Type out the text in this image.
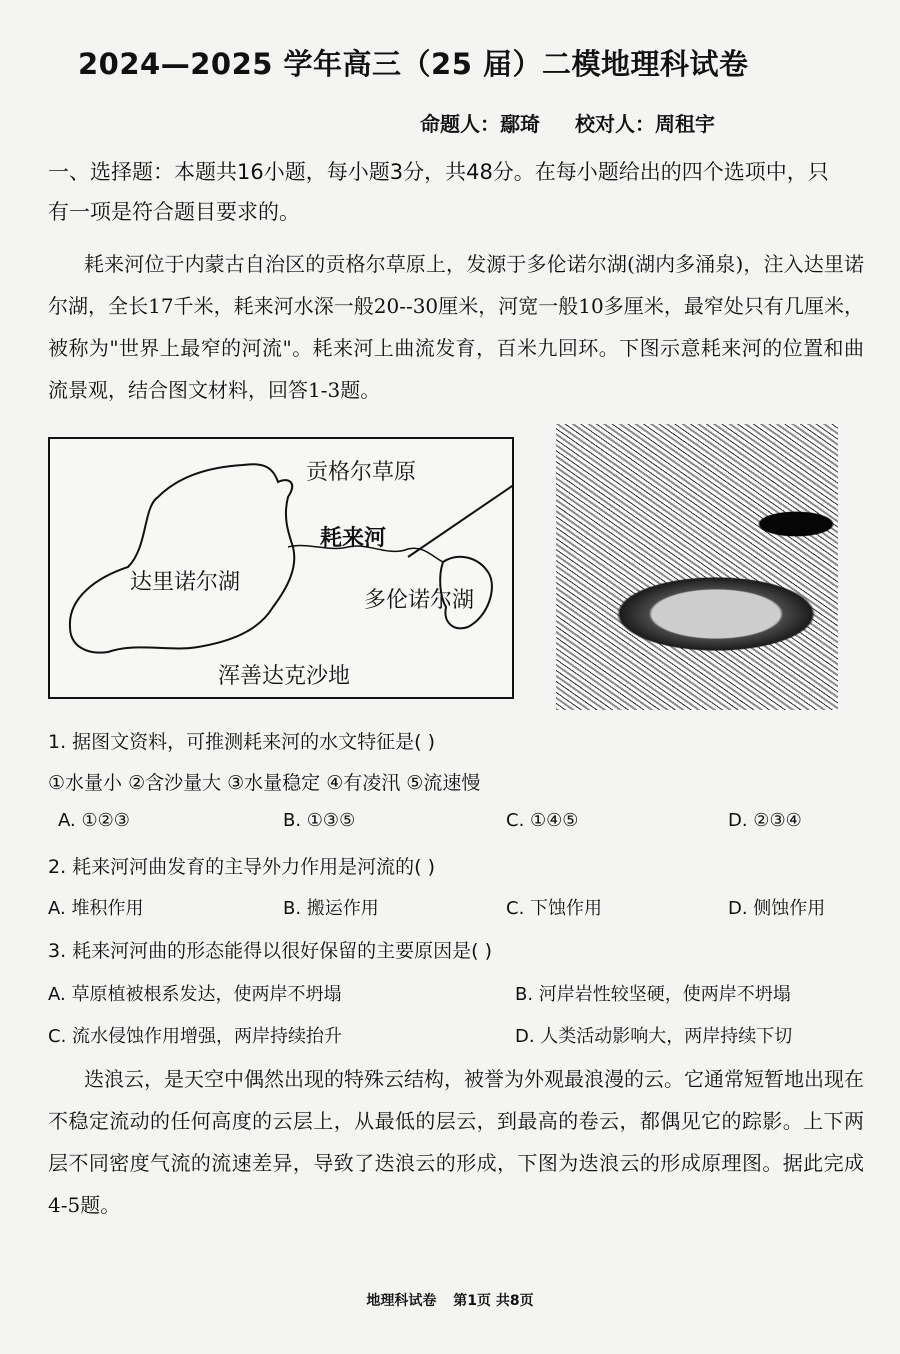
2024—2025 学年高三（25 届）二模地理科试卷
命题人：鄢琦 校对人：周租宇
一、选择题：本题共16小题，每小题3分，共48分。在每小题给出的四个选项中，只
有一项是符合题目要求的。
耗来河位于内蒙古自治区的贡格尔草原上，发源于多伦诺尔湖(湖内多涌泉)，注入达里诺尔湖，全长17千米，耗来河水深一般20--30厘米，河宽一般10多厘米，最窄处只有几厘米，被称为"世界上最窄的河流"。耗来河上曲流发育，百米九回环。下图示意耗来河的位置和曲流景观，结合图文材料，回答1-3题。
贡格尔草原
耗来河
达里诺尔湖
多伦诺尔湖
浑善达克沙地
1. 据图文资料，可推测耗来河的水文特征是( )
①水量小 ②含沙量大 ③水量稳定 ④有凌汛 ⑤流速慢
A. ①②③	B. ①③⑤	C. ①④⑤	D. ②③④
2. 耗来河河曲发育的主导外力作用是河流的( )
A. 堆积作用	B. 搬运作用	C. 下蚀作用	D. 侧蚀作用
3. 耗来河河曲的形态能得以很好保留的主要原因是( )
A. 草原植被根系发达，使两岸不坍塌	B. 河岸岩性较坚硬，使两岸不坍塌
C. 流水侵蚀作用增强，两岸持续抬升	D. 人类活动影响大，两岸持续下切
迭浪云，是天空中偶然出现的特殊云结构，被誉为外观最浪漫的云。它通常短暂地出现在不稳定流动的任何高度的云层上，从最低的层云，到最高的卷云，都偶见它的踪影。上下两层不同密度气流的流速差异，导致了迭浪云的形成，下图为迭浪云的形成原理图。据此完成4-5题。
地理科试卷 第1页 共8页
